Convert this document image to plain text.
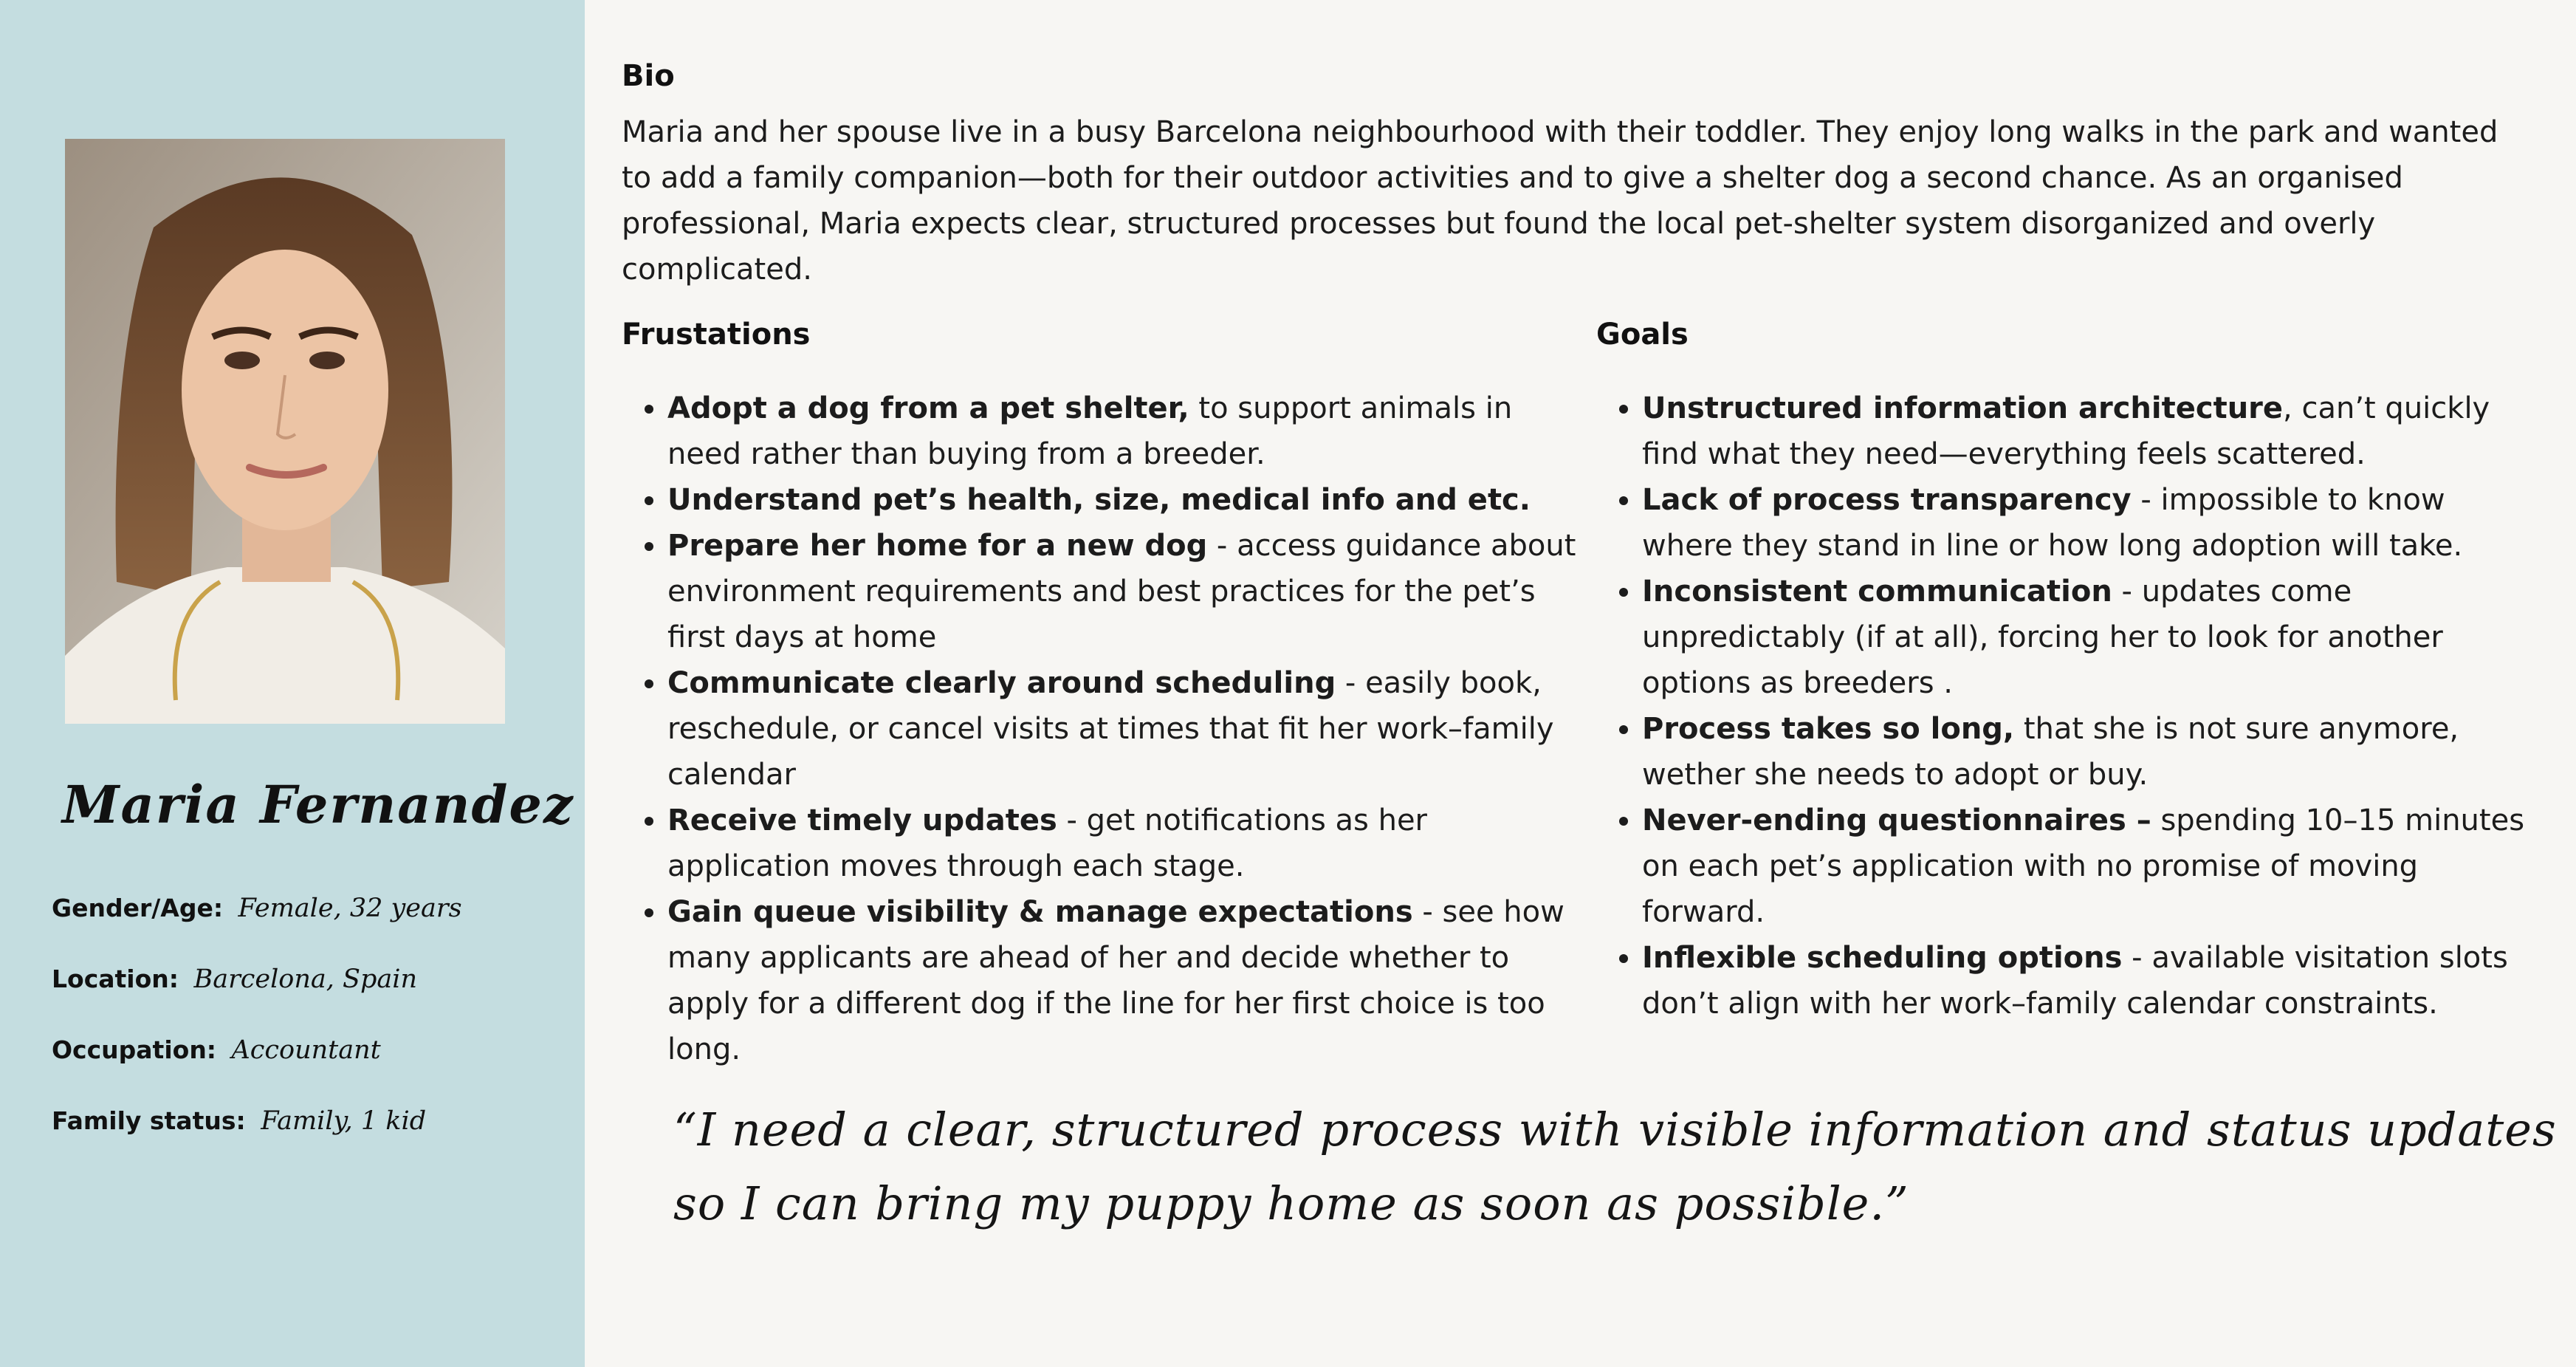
Maria Fernandez
Gender/Age: Female, 32 years
Location: Barcelona, Spain
Occupation: Accountant
Family status: Family, 1 kid
Bio
Maria and her spouse live in a busy Barcelona neighbourhood with their toddler. They enjoy long walks in the park and wanted to add a family companion—both for their outdoor activities and to give a shelter dog a second chance. As an organised professional, Maria expects clear, structured processes but found the local pet-shelter system disorganized and overly complicated.
Frustations
• Adopt a dog from a pet shelter, to support animals in need rather than buying from a breeder.
• Understand pet’s health, size, medical info and etc.
• Prepare her home for a new dog - access guidance about environment requirements and best practices for the pet’s first days at home
• Communicate clearly around scheduling - easily book, reschedule, or cancel visits at times that fit her work–family calendar
• Receive timely updates - get notifications as her application moves through each stage.
• Gain queue visibility & manage expectations - see how many applicants are ahead of her and decide whether to apply for a different dog if the line for her first choice is too long.
Goals
• Unstructured information architecture, can’t quickly find what they need—everything feels scattered.
• Lack of process transparency - impossible to know where they stand in line or how long adoption will take.
• Inconsistent communication - updates come unpredictably (if at all), forcing her to look for another options as breeders .
• Process takes so long, that she is not sure anymore, wether she needs to adopt or buy.
• Never-ending questionnaires – spending 10–15 minutes on each pet’s application with no promise of moving forward.
• Inflexible scheduling options - available visitation slots don’t align with her work–family calendar constraints.
“I need a clear, structured process with visible information and status updates so I can bring my puppy home as soon as possible.”
